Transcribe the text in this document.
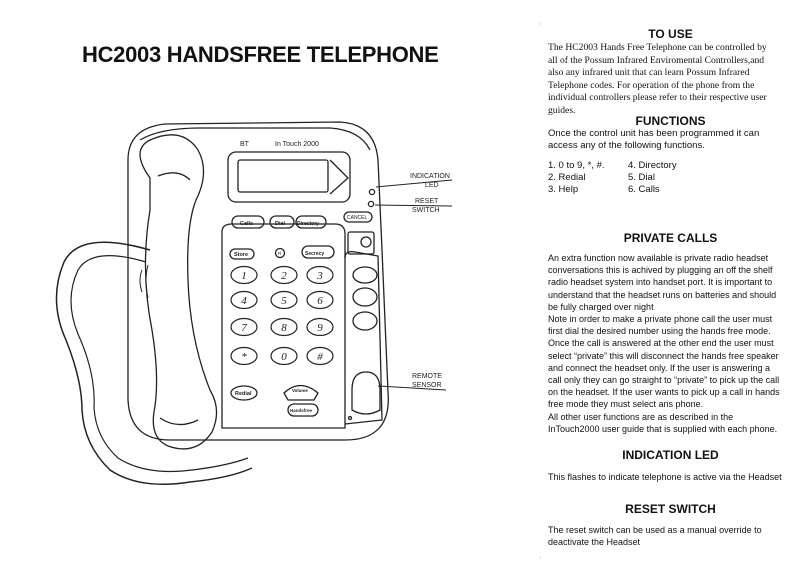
HC2003 HANDSFREE TELEPHONE
1	2	3
4	5	6
7	8	9
*	0	#
BT	In Touch 2000
Calls	Dial Directory
CANCEL
Store	R	Secrecy
Redial
Volume
Handsfree
INDICATION
LED
RESET
SWITCH
REMOTE
SENSOR
i
TO USE

The HC2003 Hands Free Telephone can be controlled by

all of the Possum Infrared Enviromental Controllers,and

also any infrared unit that can learn Possum Infrared

Telephone codes. For operation of the phone from the

individual controllers please refer to their respective user

guides.

FUNCTIONS

Once the control unit has been programmed it can

access any of the following functions.

1. 0 to 9, *, #.	4. Directory
2. Redial	5. Dial
3. Help	6. Calls
PRIVATE CALLS

An extra function now available is private radio headset

conversations this is achived by plugging an off the shelf

radio headset system into handset port. It is important to

understand that the headset runs on batteries and should

be fully charged over night

Note in order to make a private phone call the user must

first dial the desired number using the hands free mode.

Once the call is answered at the other end the user must

select “private” this will disconnect the hands free speaker

and connect the headset only. If the user is answering a

call only they can go straight to “private” to pick up the call

on the headset. If the user wants to pick up a call in hands

free mode they must select ans phone.

All other user functions are as described in the

InTouch2000 user guide that is supplied with each phone.

INDICATION LED

This flashes to indicate telephone is active via the Headset

RESET SWITCH

The reset switch can be used as a manual override to

deactivate the Headset

i
